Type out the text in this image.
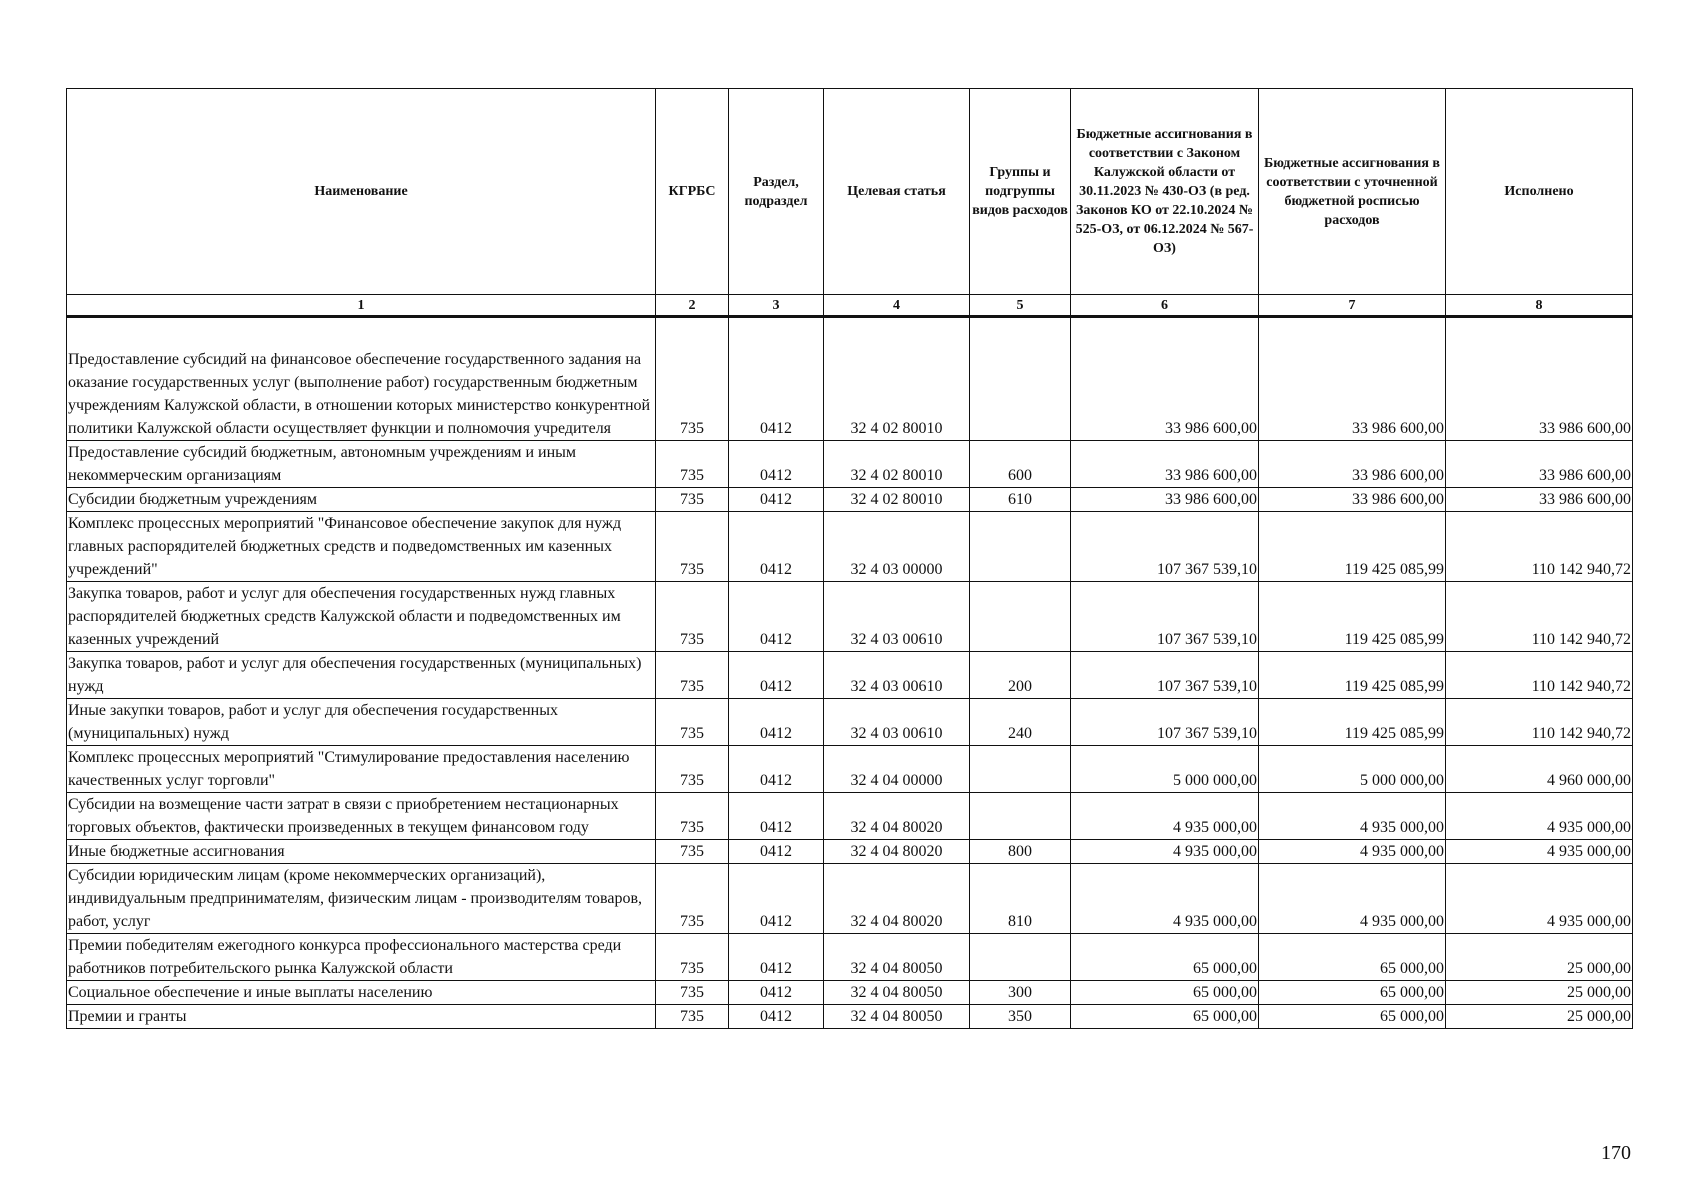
Наименование	КГРБС	Раздел, подраздел	Целевая статья	Группы и подгруппы видов расходов	Бюджетные ассигнования в соответствии с Законом Калужской области от 30.11.2023 № 430-ОЗ (в ред. Законов КО от 22.10.2024 № 525-ОЗ, от 06.12.2024 № 567-ОЗ)	Бюджетные ассигнования в соответствии с уточненной бюджетной росписью расходов	Исполнено
1	2	3	4	5	6	7	8
Предоставление субсидий на финансовое обеспечение государственного задания на оказание государственных услуг (выполнение работ) государственным бюджетным учреждениям Калужской области, в отношении которых министерство конкурентной политики Калужской области осуществляет функции и полномочия учредителя	735	0412	32 4 02 80010		33 986 600,00	33 986 600,00	33 986 600,00
Предоставление субсидий бюджетным, автономным учреждениям и иным некоммерческим организациям	735	0412	32 4 02 80010	600	33 986 600,00	33 986 600,00	33 986 600,00
Субсидии бюджетным учреждениям	735	0412	32 4 02 80010	610	33 986 600,00	33 986 600,00	33 986 600,00
Комплекс процессных мероприятий "Финансовое обеспечение закупок для нужд главных распорядителей бюджетных средств и подведомственных им казенных учреждений"	735	0412	32 4 03 00000		107 367 539,10	119 425 085,99	110 142 940,72
Закупка товаров, работ и услуг для обеспечения государственных нужд главных распорядителей бюджетных средств Калужской области и подведомственных им казенных учреждений	735	0412	32 4 03 00610		107 367 539,10	119 425 085,99	110 142 940,72
Закупка товаров, работ и услуг для обеспечения государственных (муниципальных) нужд	735	0412	32 4 03 00610	200	107 367 539,10	119 425 085,99	110 142 940,72
Иные закупки товаров, работ и услуг для обеспечения государственных (муниципальных) нужд	735	0412	32 4 03 00610	240	107 367 539,10	119 425 085,99	110 142 940,72
Комплекс процессных мероприятий "Стимулирование предоставления населению качественных услуг торговли"	735	0412	32 4 04 00000		5 000 000,00	5 000 000,00	4 960 000,00
Субсидии на возмещение части затрат в связи с приобретением нестационарных торговых объектов, фактически произведенных в текущем финансовом году	735	0412	32 4 04 80020		4 935 000,00	4 935 000,00	4 935 000,00
Иные бюджетные ассигнования	735	0412	32 4 04 80020	800	4 935 000,00	4 935 000,00	4 935 000,00
Субсидии юридическим лицам (кроме некоммерческих организаций), индивидуальным предпринимателям, физическим лицам - производителям товаров, работ, услуг	735	0412	32 4 04 80020	810	4 935 000,00	4 935 000,00	4 935 000,00
Премии победителям ежегодного конкурса профессионального мастерства среди работников потребительского рынка Калужской области	735	0412	32 4 04 80050		65 000,00	65 000,00	25 000,00
Социальное обеспечение и иные выплаты населению	735	0412	32 4 04 80050	300	65 000,00	65 000,00	25 000,00
Премии и гранты	735	0412	32 4 04 80050	350	65 000,00	65 000,00	25 000,00
170
